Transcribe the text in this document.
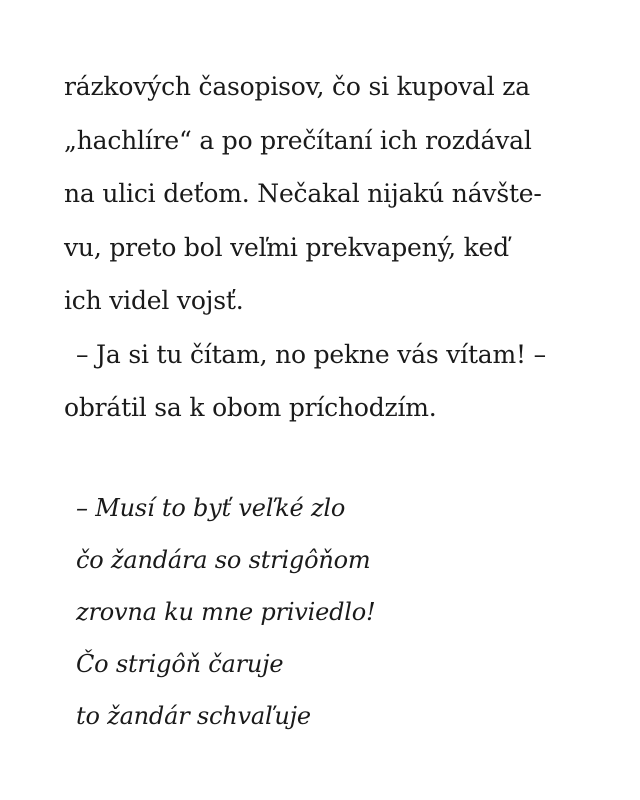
rázkových časopisov, čo si kupoval za
„hachlíre“ a po prečítaní ich rozdával
na ulici deťom. Nečakal nijakú návšte-
vu, preto bol veľmi prekvapený, keď
ich videl vojsť.
– Ja si tu čítam, no pekne vás vítam! –
obrátil sa k obom príchodzím.
– Musí to byť veľké zlo
čo žandára so strigôňom
zrovna ku mne priviedlo!
Čo strigôň čaruje
to žandár schvaľuje
